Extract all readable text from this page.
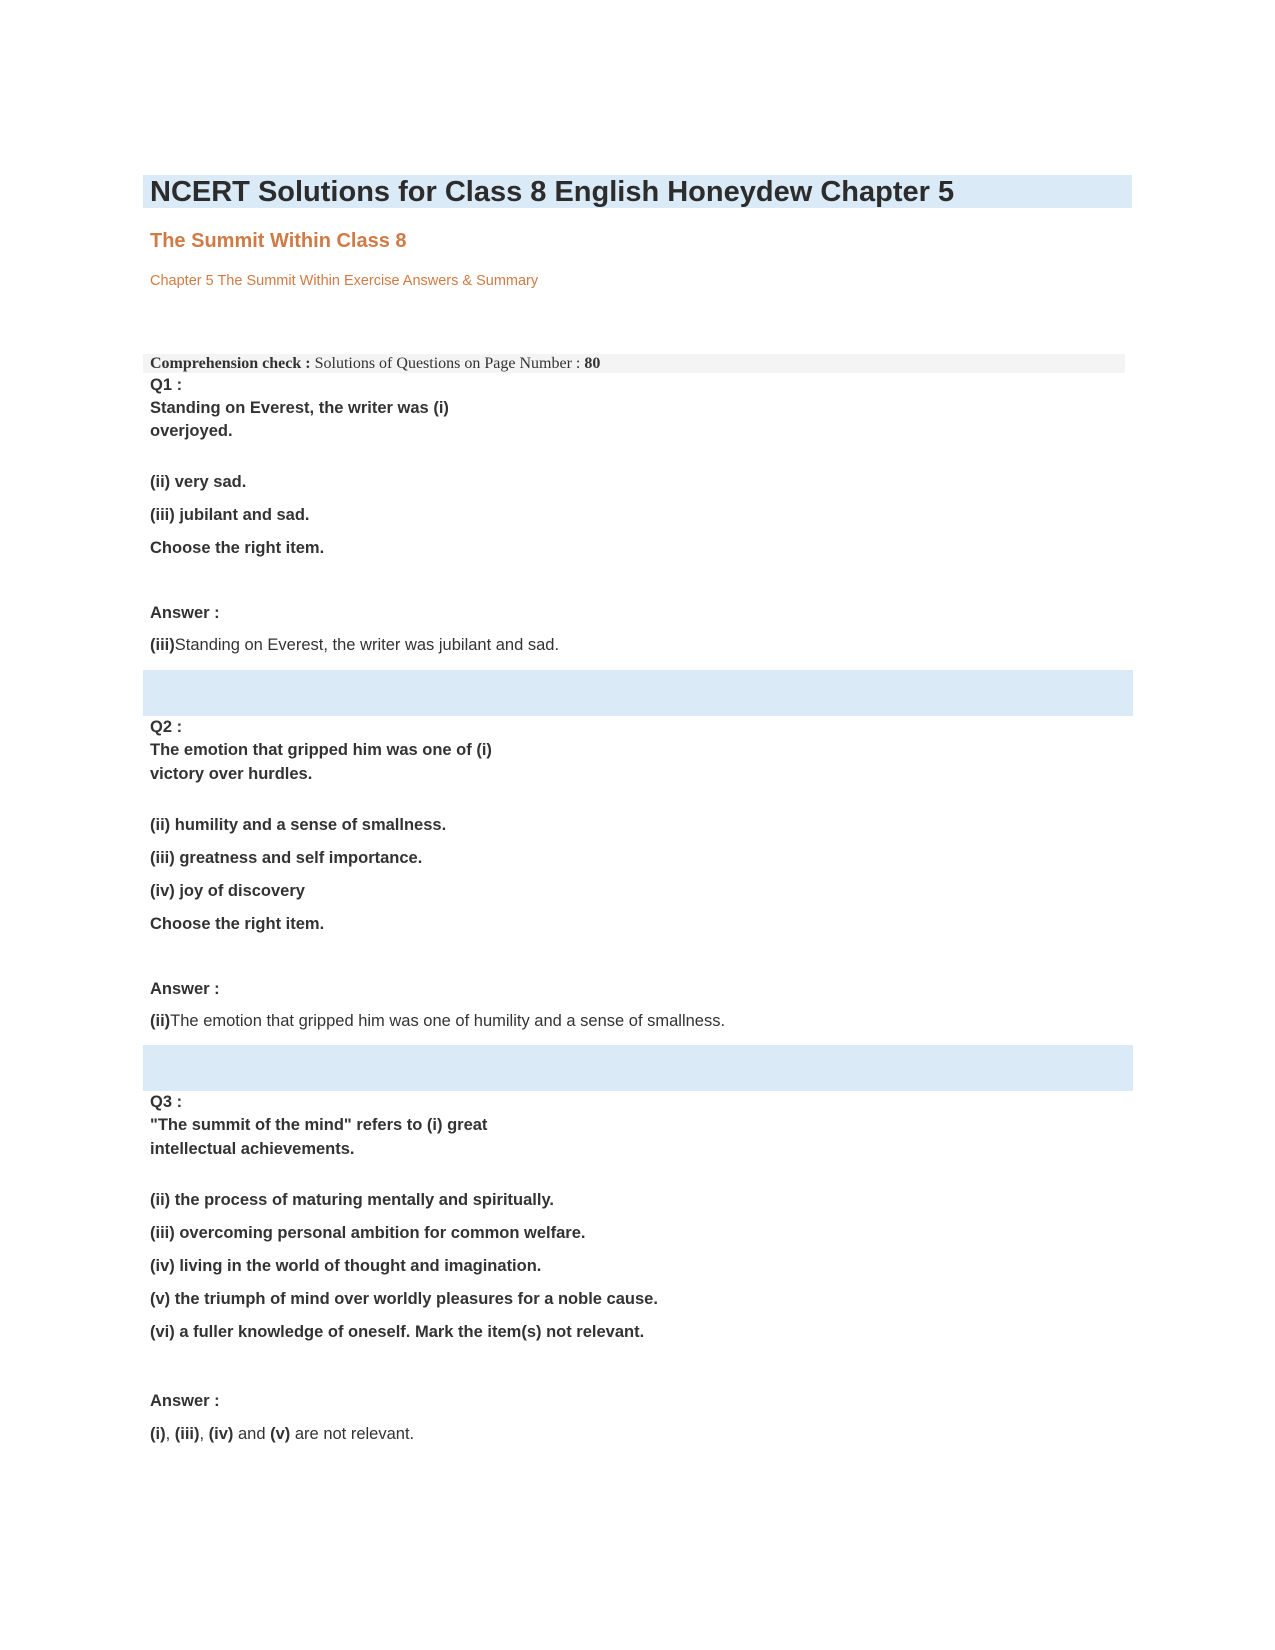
NCERT Solutions for Class 8 English Honeydew Chapter 5
The Summit Within Class 8

Chapter 5 The Summit Within Exercise Answers & Summary

Comprehension check : Solutions of Questions on Page Number : 80

Q1 :

Standing on Everest, the writer was (i)

overjoyed.

(ii) very sad.

(iii) jubilant and sad.

Choose the right item.

Answer :

(iii)Standing on Everest, the writer was jubilant and sad.

Q2 :

The emotion that gripped him was one of (i)

victory over hurdles.

(ii) humility and a sense of smallness.

(iii) greatness and self importance.

(iv) joy of discovery

Choose the right item.

Answer :

(ii)The emotion that gripped him was one of humility and a sense of smallness.

Q3 :

"The summit of the mind" refers to (i) great

intellectual achievements.

(ii) the process of maturing mentally and spiritually.

(iii) overcoming personal ambition for common welfare.

(iv) living in the world of thought and imagination.

(v) the triumph of mind over worldly pleasures for a noble cause.

(vi) a fuller knowledge of oneself. Mark the item(s) not relevant.

Answer :

(i), (iii), (iv) and (v) are not relevant.
